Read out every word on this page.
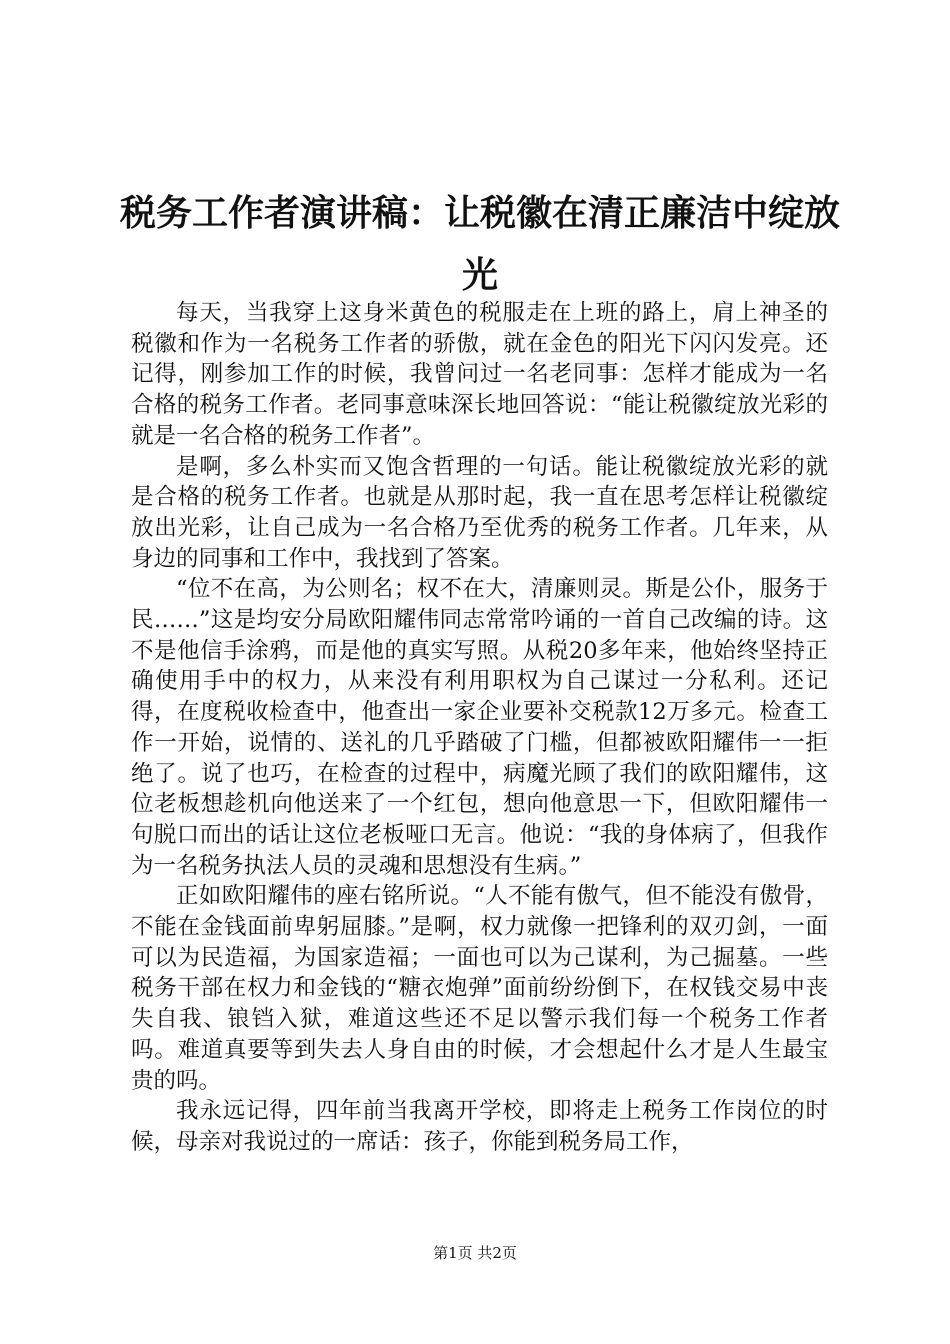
税务工作者演讲稿：让税徽在清正廉洁中绽放光

每天，当我穿上这身米黄色的税服走在上班的路上，肩上神圣的税徽和作为一名税务工作者的骄傲，就在金色的阳光下闪闪发亮。还记得，刚参加工作的时候，我曾问过一名老同事：怎样才能成为一名合格的税务工作者。老同事意味深长地回答说：“能让税徽绽放光彩的就是一名合格的税务工作者”。

是啊，多么朴实而又饱含哲理的一句话。能让税徽绽放光彩的就是合格的税务工作者。也就是从那时起，我一直在思考怎样让税徽绽放出光彩，让自己成为一名合格乃至优秀的税务工作者。几年来，从身边的同事和工作中，我找到了答案。

“位不在高，为公则名；权不在大，清廉则灵。斯是公仆，服务于民……”这是均安分局欧阳耀伟同志常常吟诵的一首自己改编的诗。这不是他信手涂鸦，而是他的真实写照。从税20多年来，他始终坚持正确使用手中的权力，从来没有利用职权为自己谋过一分私利。还记得，在度税收检查中，他查出一家企业要补交税款12万多元。检查工作一开始，说情的、送礼的几乎踏破了门槛，但都被欧阳耀伟一一拒绝了。说了也巧，在检查的过程中，病魔光顾了我们的欧阳耀伟，这位老板想趁机向他送来了一个红包，想向他意思一下，但欧阳耀伟一句脱口而出的话让这位老板哑口无言。他说：“我的身体病了，但我作为一名税务执法人员的灵魂和思想没有生病。”

正如欧阳耀伟的座右铭所说。“人不能有傲气，但不能没有傲骨，不能在金钱面前卑躬屈膝。”是啊，权力就像一把锋利的双刃剑，一面可以为民造福，为国家造福；一面也可以为己谋利，为己掘墓。一些税务干部在权力和金钱的“糖衣炮弹”面前纷纷倒下，在权钱交易中丧失自我、锒铛入狱，难道这些还不足以警示我们每一个税务工作者吗。难道真要等到失去人身自由的时候，才会想起什么才是人生最宝贵的吗。

我永远记得，四年前当我离开学校，即将走上税务工作岗位的时候，母亲对我说过的一席话：孩子，你能到税务局工作，

第1页 共2页
